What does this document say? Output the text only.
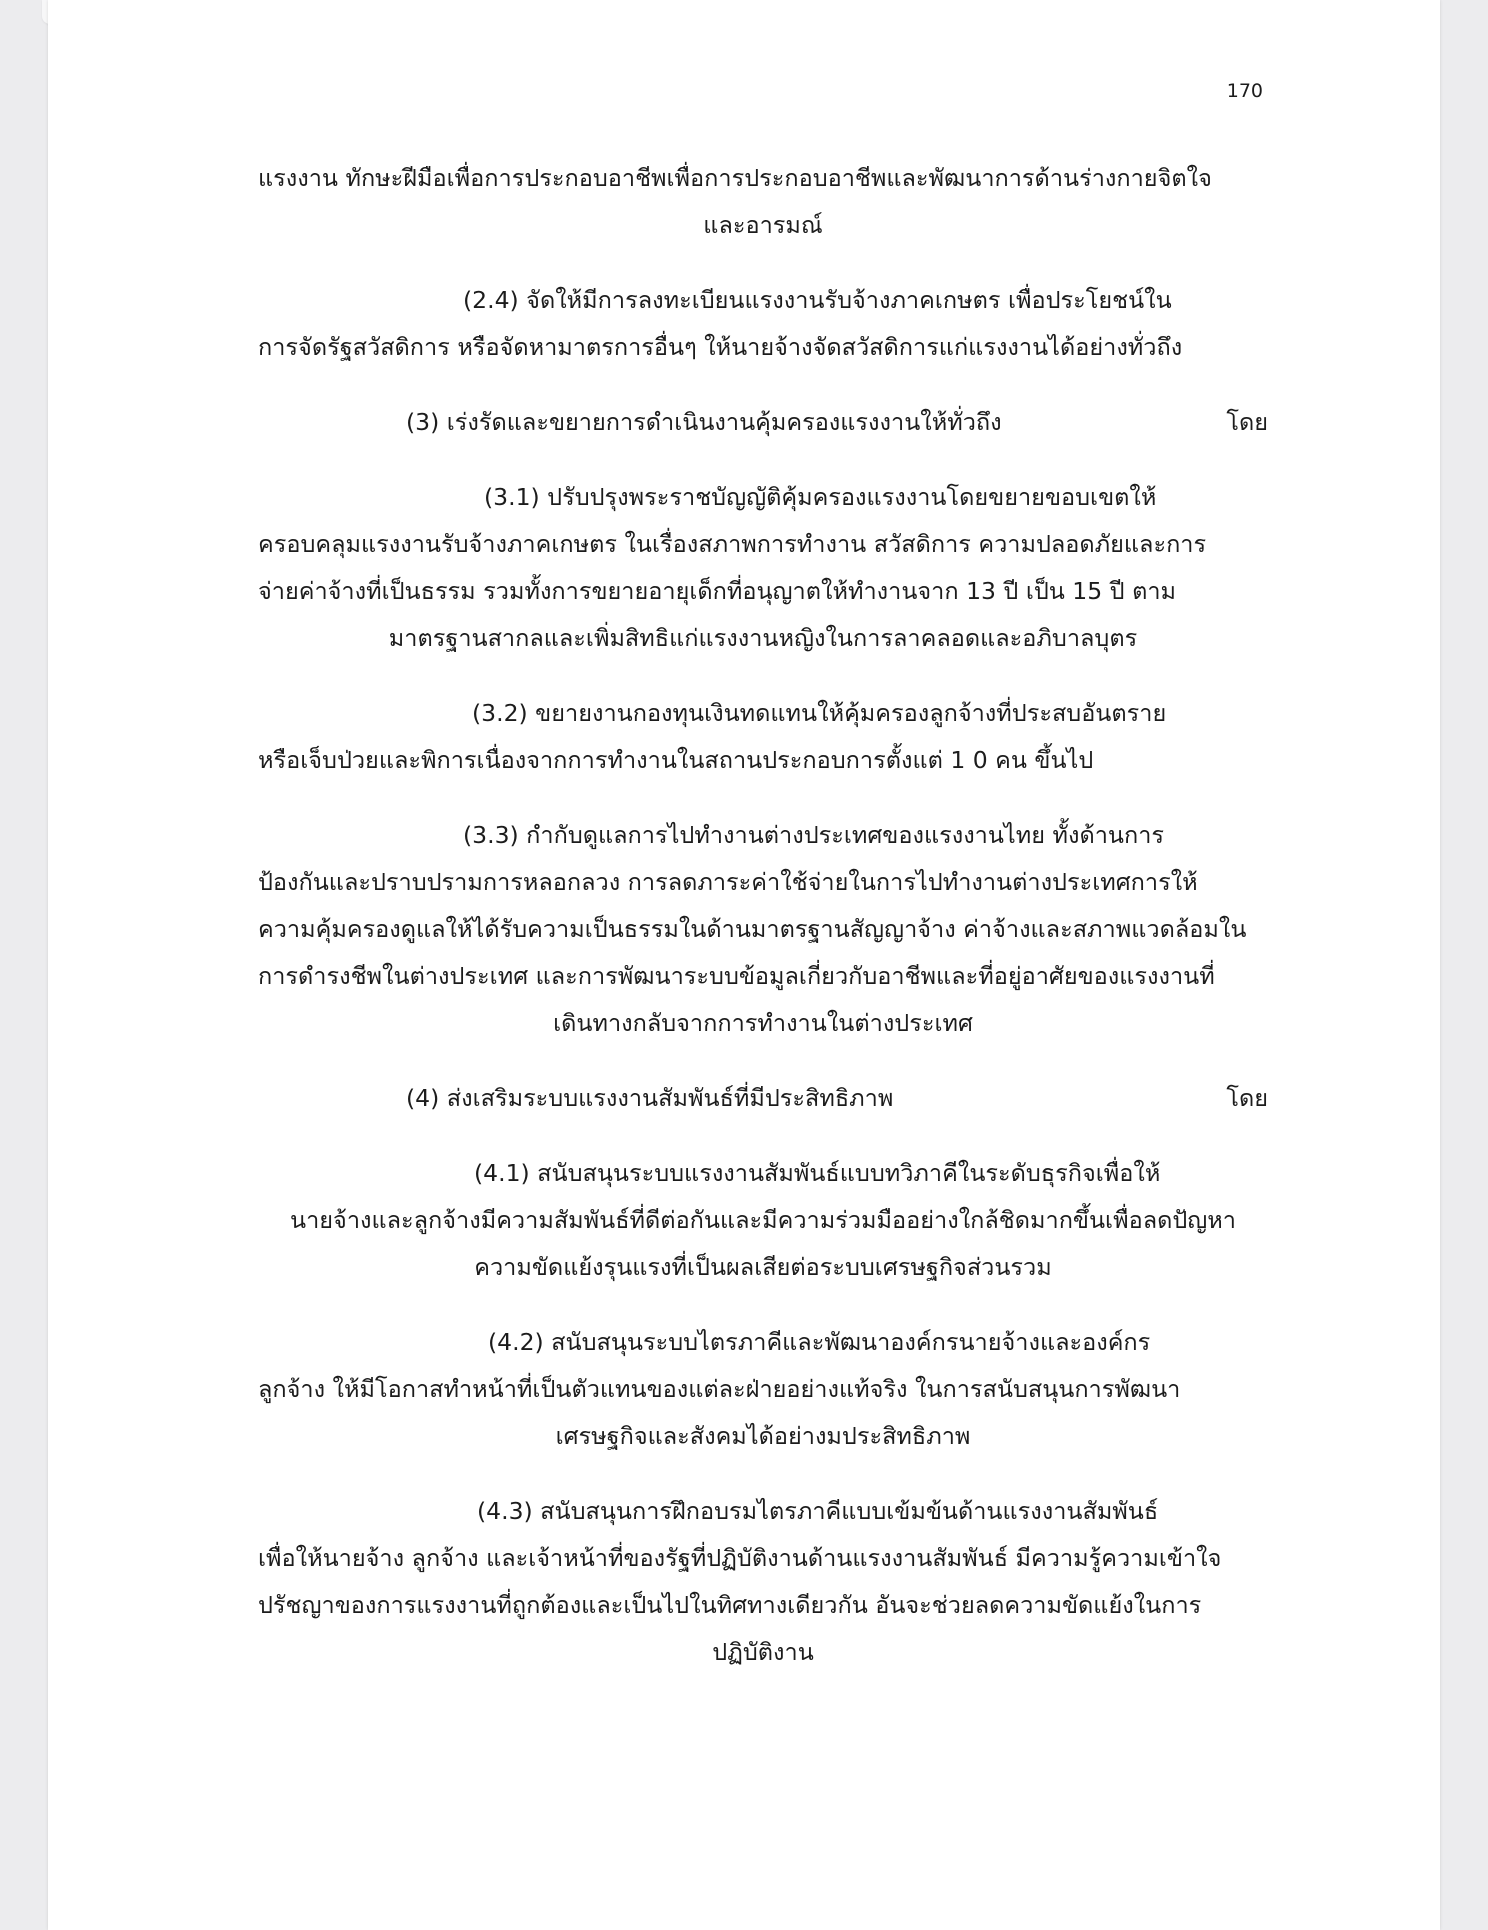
170
แรงงาน ทักษะฝีมือเพื่อการประกอบอาชีพเพื่อการประกอบอาชีพและพัฒนาการด้านร่างกายจิตใจ
และอารมณ์
(2.4) จัดให้มีการลงทะเบียนแรงงานรับจ้างภาคเกษตร เพื่อประโยชน์ใน
การจัดรัฐสวัสดิการ หรือจัดหามาตรการอื่นๆ ให้นายจ้างจัดสวัสดิการแก่แรงงานได้อย่างทั่วถึง
(3) เร่งรัดและขยายการดำเนินงานคุ้มครองแรงงานให้ทั่วถึง	โดย
(3.1) ปรับปรุงพระราชบัญญัติคุ้มครองแรงงานโดยขยายขอบเขตให้
ครอบคลุมแรงงานรับจ้างภาคเกษตร ในเรื่องสภาพการทำงาน สวัสดิการ ความปลอดภัยและการ
จ่ายค่าจ้างที่เป็นธรรม รวมทั้งการขยายอายุเด็กที่อนุญาตให้ทำงานจาก 13 ปี เป็น 15 ปี ตาม
มาตรฐานสากลและเพิ่มสิทธิแก่แรงงานหญิงในการลาคลอดและอภิบาลบุตร
(3.2) ขยายงานกองทุนเงินทดแทนให้คุ้มครองลูกจ้างที่ประสบอันตราย
หรือเจ็บป่วยและพิการเนื่องจากการทำงานในสถานประกอบการตั้งแต่ 1 0 คน ขึ้นไป
(3.3) กำกับดูแลการไปทำงานต่างประเทศของแรงงานไทย ทั้งด้านการ
ป้องกันและปราบปรามการหลอกลวง การลดภาระค่าใช้จ่ายในการไปทำงานต่างประเทศการให้
ความคุ้มครองดูแลให้ได้รับความเป็นธรรมในด้านมาตรฐานสัญญาจ้าง ค่าจ้างและสภาพแวดล้อมใน
การดำรงชีพในต่างประเทศ และการพัฒนาระบบข้อมูลเกี่ยวกับอาชีพและที่อยู่อาศัยของแรงงานที่
เดินทางกลับจากการทำงานในต่างประเทศ
(4) ส่งเสริมระบบแรงงานสัมพันธ์ที่มีประสิทธิภาพ	โดย
(4.1) สนับสนุนระบบแรงงานสัมพันธ์แบบทวิภาคีในระดับธุรกิจเพื่อให้
นายจ้างและลูกจ้างมีความสัมพันธ์ที่ดีต่อกันและมีความร่วมมืออย่างใกล้ชิดมากขึ้นเพื่อลดปัญหา
ความขัดแย้งรุนแรงที่เป็นผลเสียต่อระบบเศรษฐกิจส่วนรวม
(4.2) สนับสนุนระบบไตรภาคีและพัฒนาองค์กรนายจ้างและองค์กร
ลูกจ้าง ให้มีโอกาสทำหน้าที่เป็นตัวแทนของแต่ละฝ่ายอย่างแท้จริง ในการสนับสนุนการพัฒนา
เศรษฐกิจและสังคมได้อย่างมประสิทธิภาพ
(4.3) สนับสนุนการฝึกอบรมไตรภาคีแบบเข้มข้นด้านแรงงานสัมพันธ์
เพื่อให้นายจ้าง ลูกจ้าง และเจ้าหน้าที่ของรัฐที่ปฏิบัติงานด้านแรงงานสัมพันธ์ มีความรู้ความเข้าใจ
ปรัชญาของการแรงงานที่ถูกต้องและเป็นไปในทิศทางเดียวกัน อันจะช่วยลดความขัดแย้งในการ
ปฏิบัติงาน
